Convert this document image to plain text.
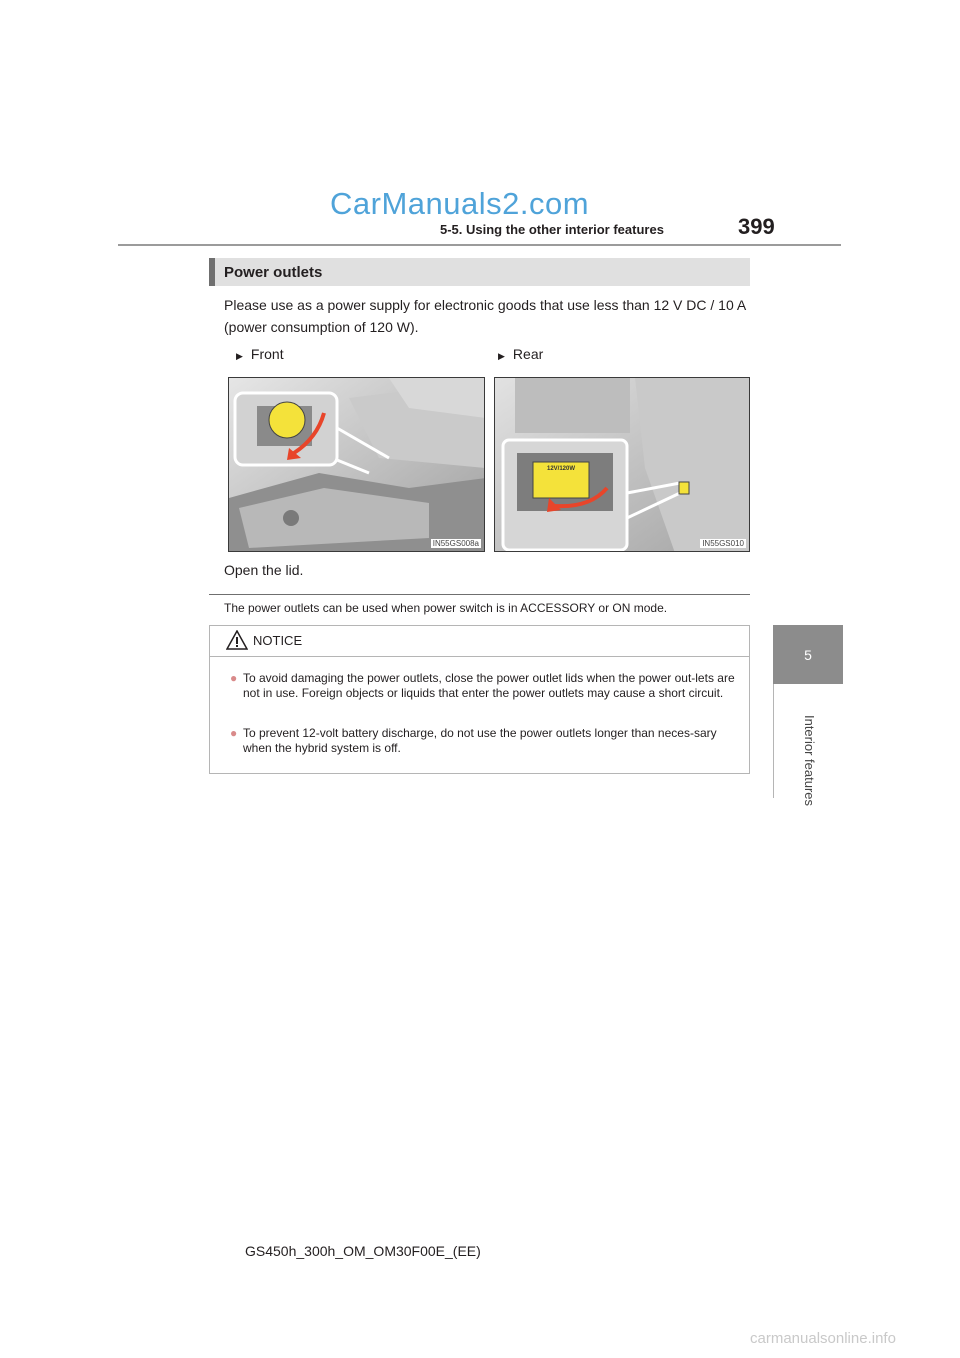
CarManuals2.com
5-5. Using the other interior features	399
5
Interior features
Power outlets
Please use as a power supply for electronic goods that use less than 12 V DC / 10 A (power consumption of 120 W).
▶ Front	▶ Rear
IN55GS008a
12V/120W
IN55GS010
Open the lid.
The power outlets can be used when power switch is in ACCESSORY or ON mode.
NOTICE
● To avoid damaging the power outlets, close the power outlet lids when the power out-lets are not in use. Foreign objects or liquids that enter the power outlets may cause a short circuit.
● To prevent 12-volt battery discharge, do not use the power outlets longer than neces-sary when the hybrid system is off.
GS450h_300h_OM_OM30F00E_(EE)
carmanualsonline.info
